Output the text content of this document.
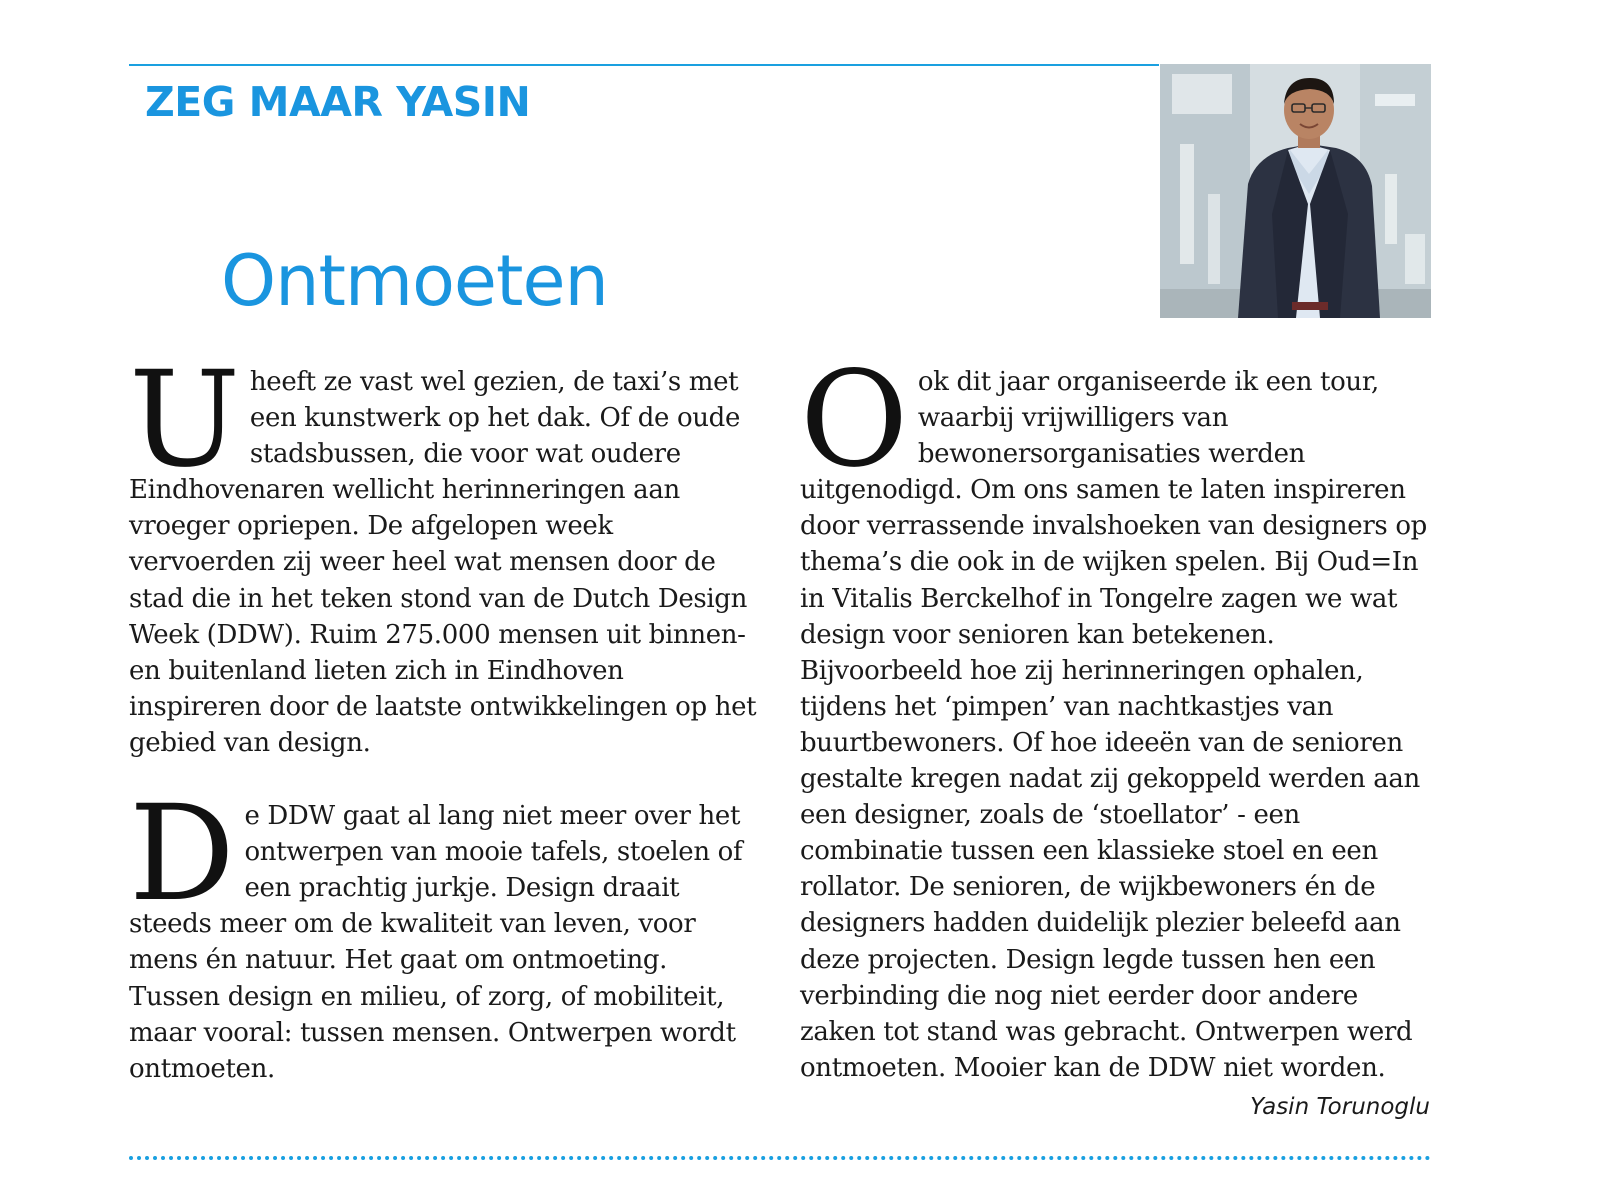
ZEG MAAR YASIN
Ontmoeten

Uheeft ze vast wel gezien, de taxi’s met een kunstwerk op het dak. Of de oude stadsbussen, die voor wat oudere Eindhovenaren wellicht herinneringen aan vroeger opriepen. De afgelopen week vervoerden zij weer heel wat mensen door de stad die in het teken stond van de Dutch Design Week (DDW). Ruim 275.000 mensen uit binnen- en buitenland lieten zich in Eindhoven inspireren door de laatste ontwikkelingen op het gebied van design.

De DDW gaat al lang niet meer over het ontwerpen van mooie tafels, stoelen of een prachtig jurkje. Design draait steeds meer om de kwaliteit van leven, voor mens én natuur. Het gaat om ontmoeting. Tussen design en milieu, of zorg, of mobiliteit, maar vooral: tussen mensen. Ontwerpen wordt ontmoeten.

Ook dit jaar organiseerde ik een tour, waarbij vrijwilligers van bewonersorganisaties werden uitgenodigd. Om ons samen te laten inspireren door verrassende invalshoeken van designers op thema’s die ook in de wijken spelen. Bij Oud=In in Vitalis Berckelhof in Tongelre zagen we wat design voor senioren kan betekenen. Bijvoorbeeld hoe zij herinneringen ophalen, tijdens het ‘pimpen’ van nachtkastjes van buurtbewoners. Of hoe ideeën van de senioren gestalte kregen nadat zij gekoppeld werden aan een designer, zoals de ‘stoellator’ - een combinatie tussen een klassieke stoel en een rollator. De senioren, de wijkbewoners én de designers hadden duidelijk plezier beleefd aan deze projecten. Design legde tussen hen een verbinding die nog niet eerder door andere zaken tot stand was gebracht. Ontwerpen werd ontmoeten. Mooier kan de DDW niet worden.

Yasin Torunoglu
